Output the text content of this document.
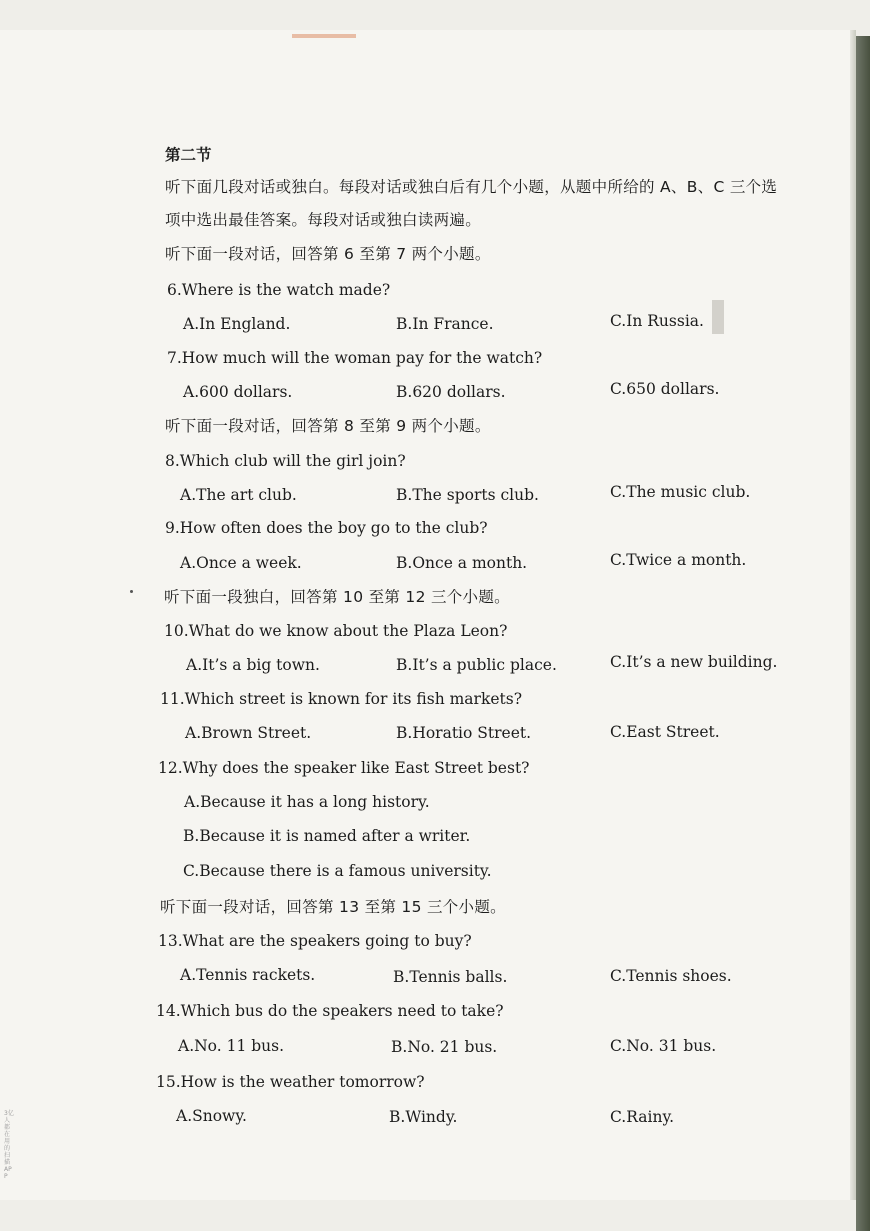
第二节
听下面几段对话或独白。每段对话或独白后有几个小题，从题中所给的 A、B、C 三个选
项中选出最佳答案。每段对话或独白读两遍。
听下面一段对话，回答第 6 至第 7 两个小题。
6.Where is the watch made?
A.In England.	B.In France.	C.In Russia.
7.How much will the woman pay for the watch?
A.600 dollars.	B.620 dollars.	C.650 dollars.
听下面一段对话，回答第 8 至第 9 两个小题。
8.Which club will the girl join?
A.The art club.	B.The sports club.	C.The music club.
9.How often does the boy go to the club?
A.Once a week.	B.Once a month.	C.Twice a month.
听下面一段独白，回答第 10 至第 12 三个小题。
10.What do we know about the Plaza Leon?
A.It’s a big town.	B.It’s a public place.	C.It’s a new building.
11.Which street is known for its fish markets?
A.Brown Street.	B.Horatio Street.	C.East Street.
12.Why does the speaker like East Street best?
A.Because it has a long history.
B.Because it is named after a writer.
C.Because there is a famous university.
听下面一段对话，回答第 13 至第 15 三个小题。
13.What are the speakers going to buy?
A.Tennis rackets.	B.Tennis balls.	C.Tennis shoes.
14.Which bus do the speakers need to take?
A.No. 11 bus.	B.No. 21 bus.	C.No. 31 bus.
15.How is the weather tomorrow?
A.Snowy.	B.Windy.	C.Rainy.
3亿人都在用的扫描APP
